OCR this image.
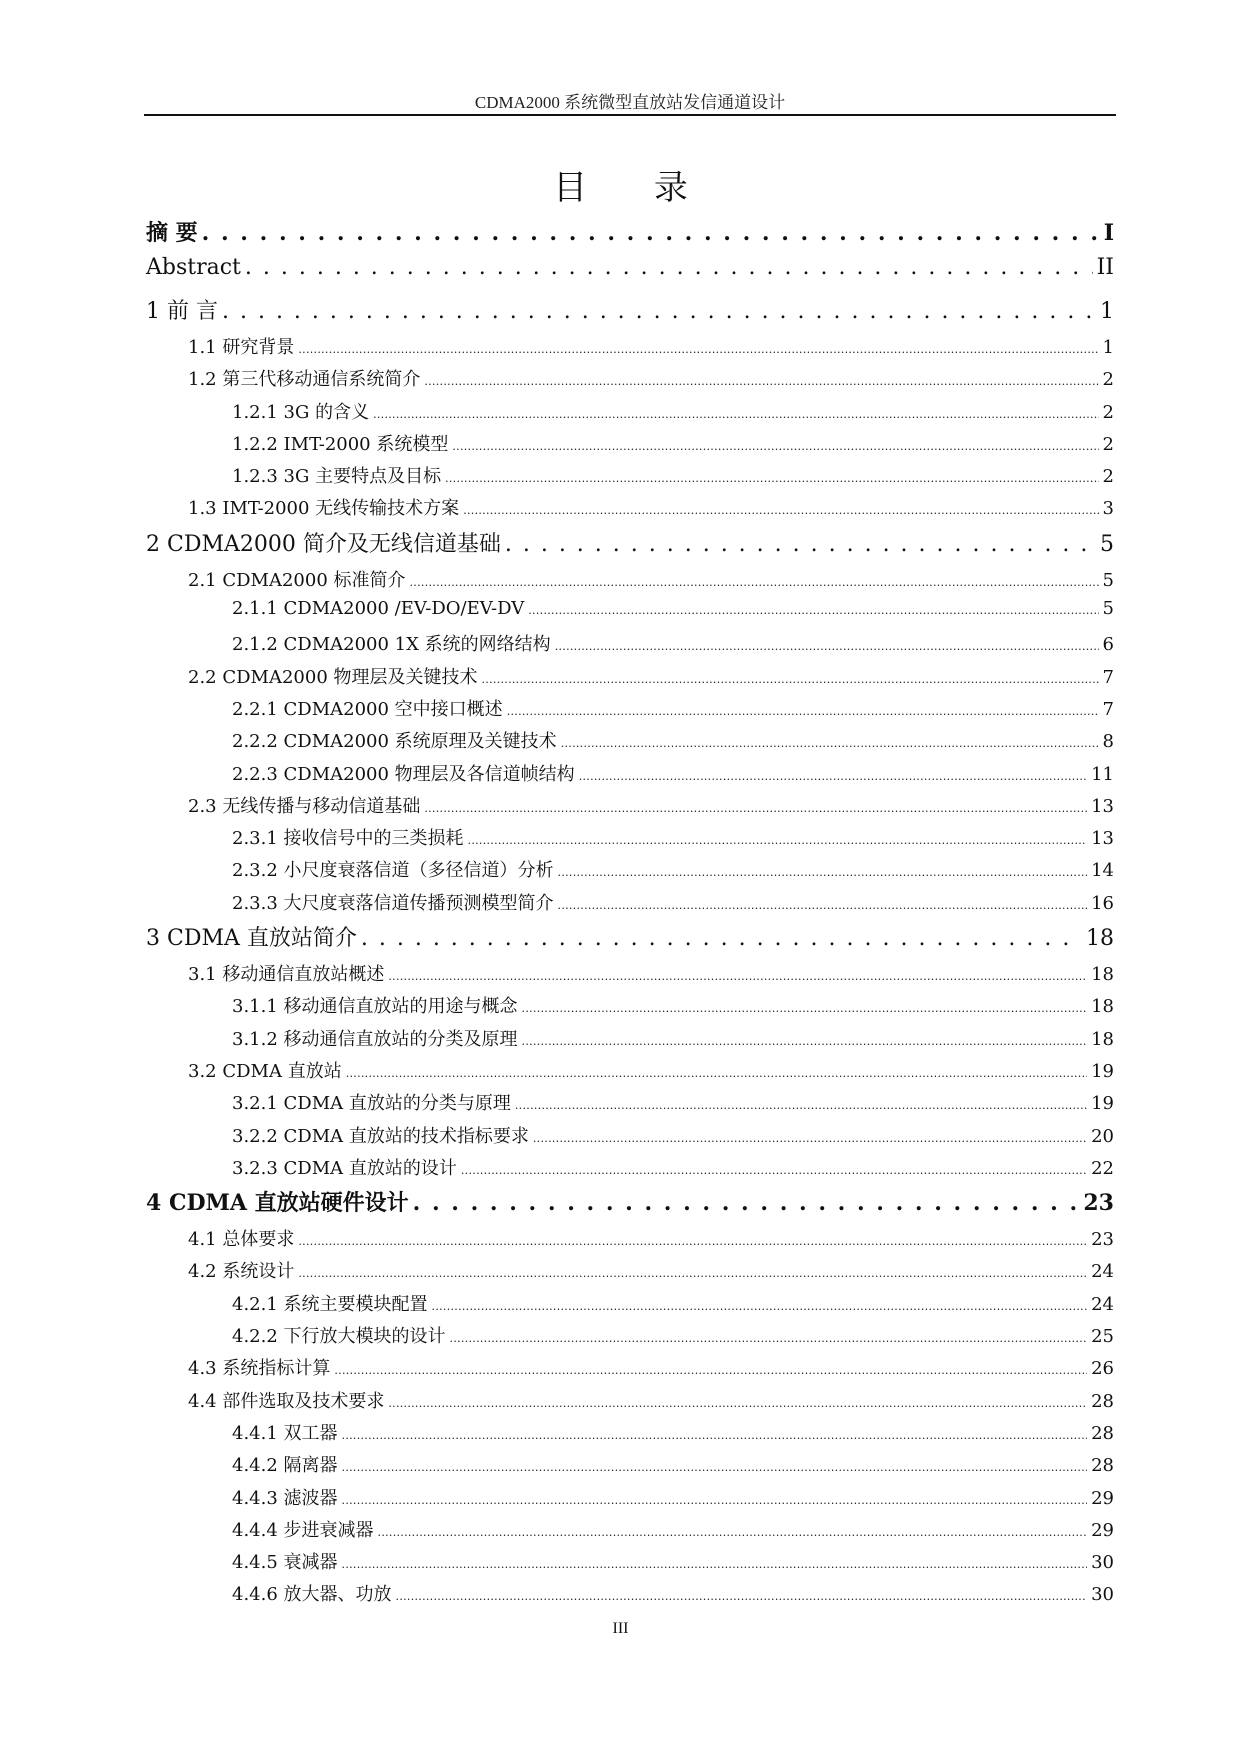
CDMA2000 系统微型直放站发信通道设计
目 录
摘 要 . . .	I
Abstract . . .	II
1 前 言 . . .	1
1.1 研究背景 . . .	1
1.2 第三代移动通信系统简介 . . .	2
1.2.1 3G 的含义 . . .	2
1.2.2 IMT-2000 系统模型 . . .	2
1.2.3 3G 主要特点及目标 . . .	2
1.3 IMT-2000 无线传输技术方案 . . .	3
2 CDMA2000 简介及无线信道基础 . . .	5
2.1 CDMA2000 标准简介 . . .	5
2.1.1 CDMA2000 /EV-DO/EV-DV . . .	5
2.1.2 CDMA2000 1X 系统的网络结构 . . .	6
2.2 CDMA2000 物理层及关键技术 . . .	7
2.2.1 CDMA2000 空中接口概述 . . .	7
2.2.2 CDMA2000 系统原理及关键技术 . . .	8
2.2.3 CDMA2000 物理层及各信道帧结构 . . .	11
2.3 无线传播与移动信道基础 . . .	13
2.3.1 接收信号中的三类损耗 . . .	13
2.3.2 小尺度衰落信道（多径信道）分析 . . .	14
2.3.3 大尺度衰落信道传播预测模型简介 . . .	16
3 CDMA 直放站简介 . . .	18
3.1 移动通信直放站概述 . . .	18
3.1.1 移动通信直放站的用途与概念 . . .	18
3.1.2 移动通信直放站的分类及原理 . . .	18
3.2 CDMA 直放站 . . .	19
3.2.1 CDMA 直放站的分类与原理 . . .	19
3.2.2 CDMA 直放站的技术指标要求 . . .	20
3.2.3 CDMA 直放站的设计 . . .	22
4 CDMA 直放站硬件设计 . . .	23
4.1 总体要求 . . .	23
4.2 系统设计 . . .	24
4.2.1 系统主要模块配置 . . .	24
4.2.2 下行放大模块的设计 . . .	25
4.3 系统指标计算 . . .	26
4.4 部件选取及技术要求 . . .	28
4.4.1 双工器 . . .	28
4.4.2 隔离器 . . .	28
4.4.3 滤波器 . . .	29
4.4.4 步进衰减器 . . .	29
4.4.5 衰减器 . . .	30
4.4.6 放大器、功放 . . .	30
III
